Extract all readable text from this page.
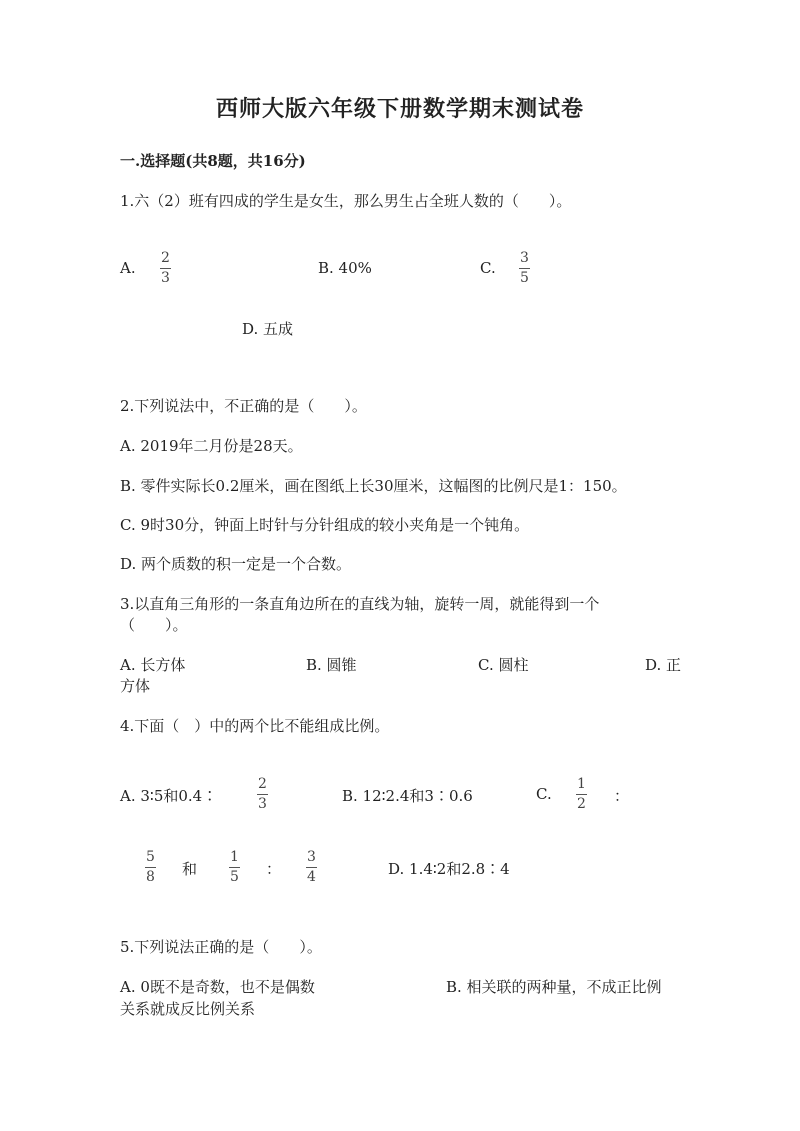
西师大版六年级下册数学期末测试卷
一.选择题(共8题，共16分)
1.六（2）班有四成的学生是女生，那么男生占全班人数的（　　）。
A.
2
3
B. 40%	C.
3
5
D. 五成
2.下列说法中，不正确的是（　　）。
A. 2019年二月份是28天。
B. 零件实际长0.2厘米，画在图纸上长30厘米，这幅图的比例尺是1：150。
C. 9时30分，钟面上时针与分针组成的较小夹角是一个钝角。
D. 两个质数的积一定是一个合数。
3.以直角三角形的一条直角边所在的直线为轴，旋转一周，就能得到一个
（　　）。
A. 长方体	B. 圆锥	C. 圆柱	D. 正
方体
4.下面（　）中的两个比不能组成比例。
A. 3∶5和0.4∶
2
3	B. 12∶2.4和3∶0.6	C.
1
2 ：
5
8 和
1
5 ：
3
4	D. 1.4∶2和2.8∶4
5.下列说法正确的是（　　）。
A. 0既不是奇数，也不是偶数	B. 相关联的两种量，不成正比例
关系就成反比例关系
